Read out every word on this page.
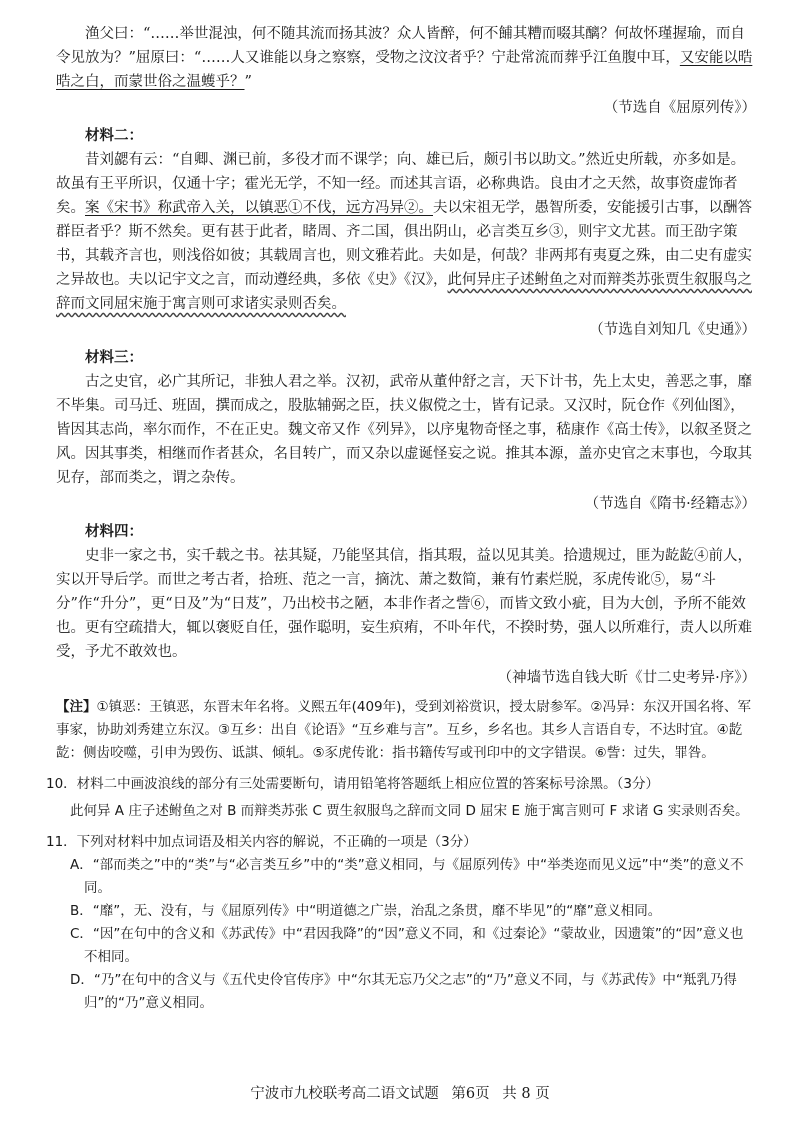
渔父曰：“……举世混浊，何不随其流而扬其波？众人皆醉，何不餔其糟而啜其醨？何故怀瑾握瑜，而自令见放为？”屈原曰：“……人又谁能以身之察察，受物之汶汶者乎？宁赴常流而葬乎江鱼腹中耳，又安能以晧晧之白，而蒙世俗之温蠖乎？”

（节选自《屈原列传》）

材料二：

昔刘勰有云：“自卿、渊已前，多役才而不课学；向、雄已后，颇引书以助文。”然近史所载，亦多如是。故虽有王平所识，仅通十字；霍光无学，不知一经。而述其言语，必称典诰。良由才之天然，故事资虚饰者矣。案《宋书》称武帝入关，以镇恶①不伐，远方冯异②。夫以宋祖无学，愚智所委，安能援引古事，以酬答群臣者乎？斯不然矣。更有甚于此者，睹周、齐二国，俱出阴山，必言类互乡③，则宇文尤甚。而王劭字策书，其载齐言也，则浅俗如彼；其载周言也，则文雅若此。夫如是，何哉？非两邦有夷夏之殊，由二史有虚实之异故也。夫以记宇文之言，而动遵经典，多依《史》《汉》，此何异庄子述鲋鱼之对而辩类苏张贾生叙服鸟之辞而文同屈宋施于寓言则可求诸实录则否矣。

（节选自刘知几《史通》）

材料三：

古之史官，必广其所记，非独人君之举。汉初，武帝从董仲舒之言，天下计书，先上太史，善恶之事，靡不毕集。司马迁、班固，撰而成之，股肱辅弼之臣，扶义俶傥之士，皆有记录。又汉时，阮仓作《列仙图》，皆因其志尚，率尔而作，不在正史。魏文帝又作《列异》，以序鬼物奇怪之事，嵇康作《高士传》，以叙圣贤之风。因其事类，相继而作者甚众，名目转广，而又杂以虚诞怪妄之说。推其本源，盖亦史官之末事也，今取其见存，部而类之，谓之杂传。

（节选自《隋书·经籍志》）

材料四：

史非一家之书，实千载之书。祛其疑，乃能坚其信，指其瑕，益以见其美。拾遗规过，匪为龁龁④前人，实以开导后学。而世之考古者，拾班、范之一言，摘沈、萧之数简，兼有竹素烂脱，豕虎传讹⑤，易“斗分”作“升分”，更“日及”为“日芨”，乃出校书之陋，本非作者之訾⑥，而皆文致小疵，目为大创，予所不能效也。更有空疏措大，辄以褒贬自任，强作聪明，妄生疻痏，不卟年代，不揆时势，强人以所难行，责人以所难受，予尤不敢效也。

（神墙节选自钱大昕《廿二史考异·序》）

【注】①镇恶：王镇恶，东晋末年名将。义熙五年(409年)，受到刘裕赏识，授太尉参军。②冯异：东汉开国名将、军事家，协助刘秀建立东汉。③互乡：出自《论语》“互乡难与言”。互乡，乡名也。其乡人言语自专，不达时宜。④龁龁：侧齿咬噬，引申为毁伤、诋諆、倾轧。⑤豕虎传讹：指书籍传写或刊印中的文字错误。⑥訾：过失，罪咎。

10．材料二中画波浪线的部分有三处需要断句，请用铅笔将答题纸上相应位置的答案标号涂黑。（3分）

此何异 A 庄子述鲋鱼之对 B 而辩类苏张 C 贾生叙服鸟之辞而文同 D 屈宋 E 施于寓言则可 F 求诸 G 实录则否矣。

11．下列对材料中加点词语及相关内容的解说，不正确的一项是（3分）

A．“部而类之”中的“类”与“必言类互乡”中的“类”意义相同，与《屈原列传》中“举类迩而见义远”中“类”的意义不同。

B．“靡”，无、没有，与《屈原列传》中“明道德之广崇，治乱之条贯，靡不毕见”的“靡”意义相同。

C．“因”在句中的含义和《苏武传》中“君因我降”的“因”意义不同，和《过秦论》“蒙故业，因遗策”的“因”意义也不相同。

D．“乃”在句中的含义与《五代史伶官传序》中“尔其无忘乃父之志”的“乃”意义不同，与《苏武传》中“羝乳乃得归”的“乃”意义相同。

宁波市九校联考高二语文试题 第6页 共 8 页
